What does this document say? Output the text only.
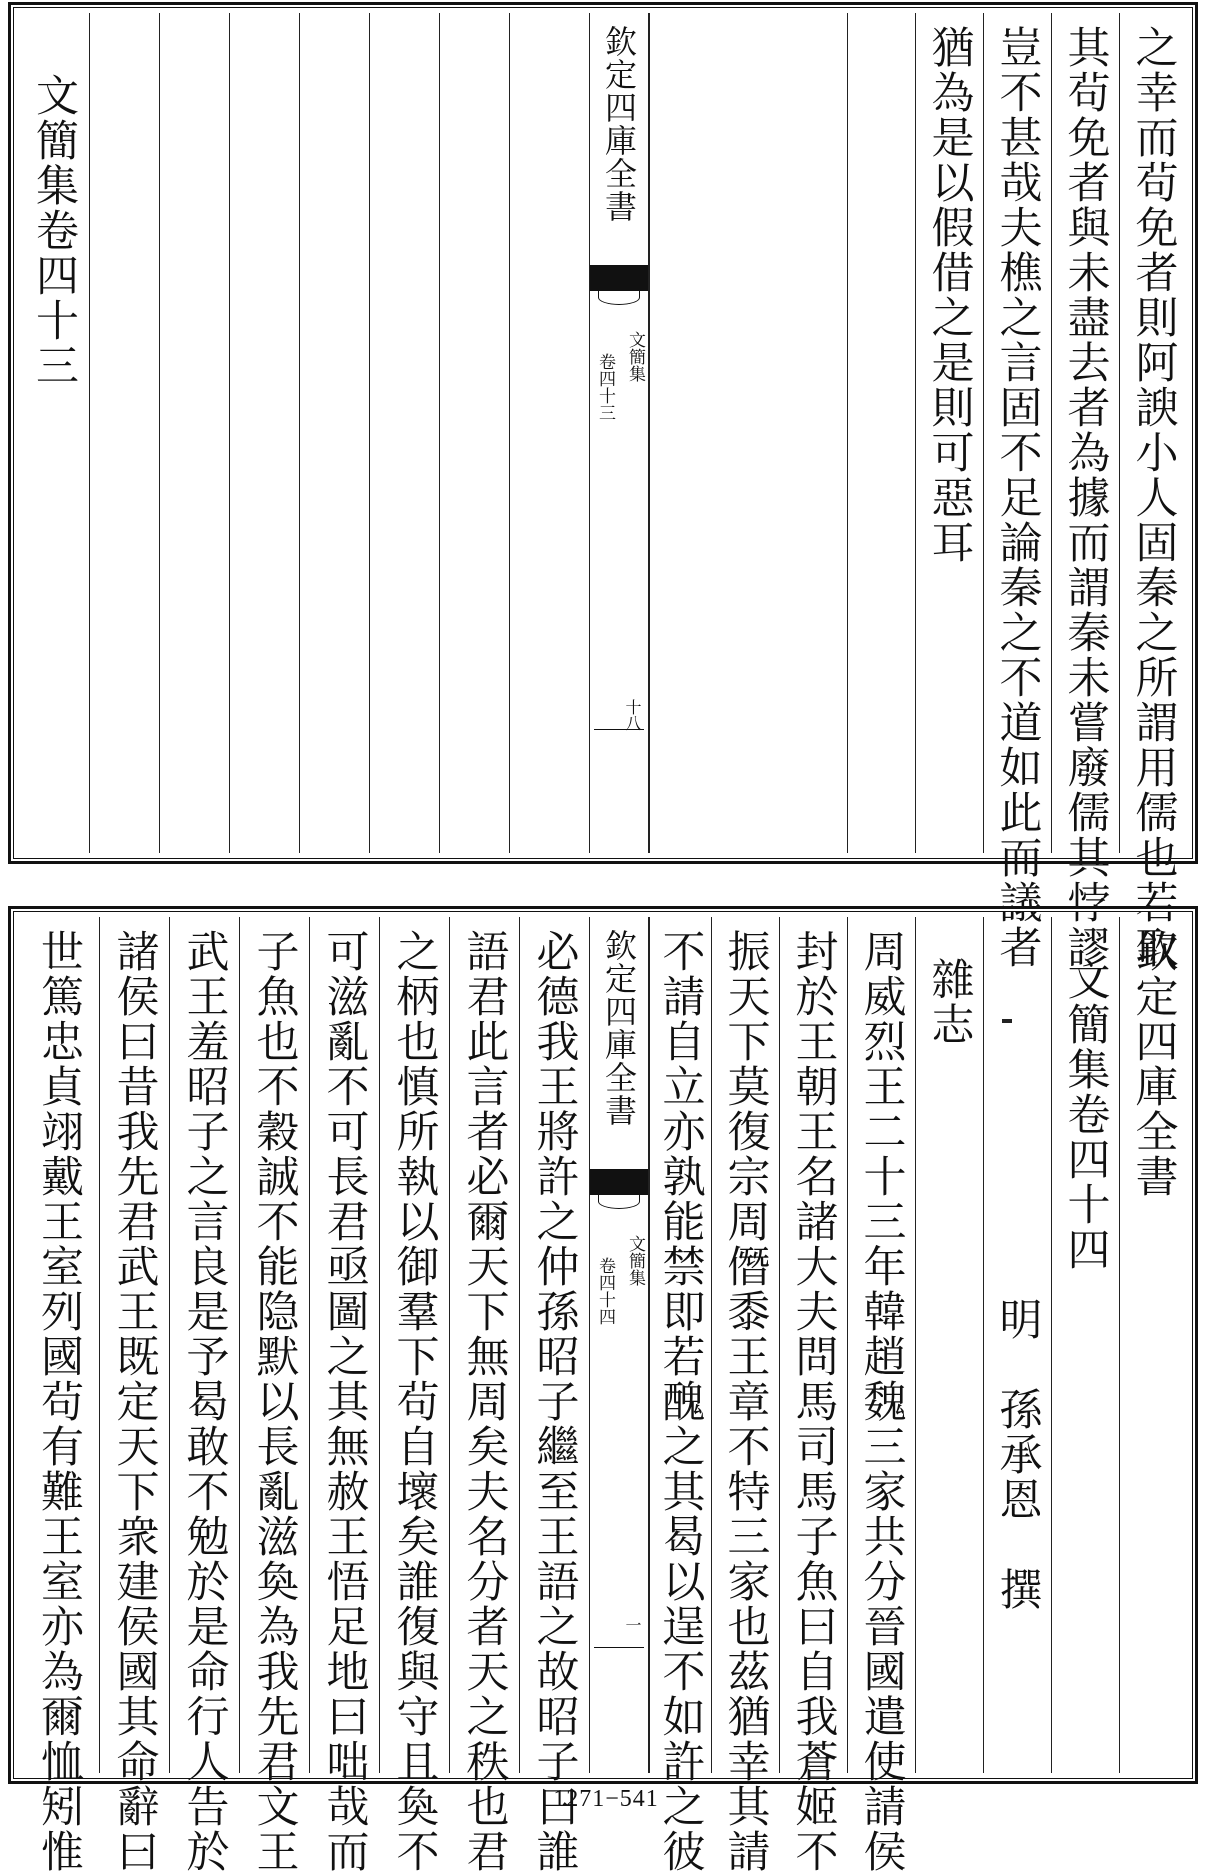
之幸而茍免者則阿諛小人固秦之所謂用儒也若取
其茍免者與未盡去者為據而謂秦未嘗廢儒其悖謬
豈不甚哉夫樵之言固不足論秦之不道如此而議者
猶為是以假借之是則可惡耳
欽定四庫全書
文簡集
卷四十三
十八
文簡集卷四十三
欽定四庫全書
文簡集卷四十四
明　孫承恩　撰
雜志
周威烈王二十三年韓趙魏三家共分晉國遣使請侯
封於王朝王名諸大夫問馬司馬子魚曰自我蒼姬不
振天下莫復宗周僭黍王章不特三家也茲猶幸其請
不請自立亦孰能禁即若醜之其曷以逞不如許之彼
欽定四庫全書
文簡集
卷四十四
一
必德我王將許之仲孫昭子繼至王語之故昭子曰誰
語君此言者必爾天下無周矣夫名分者天之秩也君
之柄也慎所執以御羣下茍自壞矣誰復與守且奐不
可滋亂不可長君亟圖之其無赦王悟足地曰咄哉而
子魚也不穀誠不能隐默以長亂滋奐為我先君文王
武王羞昭子之言良是予曷敢不勉於是命行人告於
諸侯曰昔我先君武王既定天下衆建侯國其命辭曰
世篤忠貞翊戴王室列國茍有難王室亦為爾恤矧惟	1271−541
